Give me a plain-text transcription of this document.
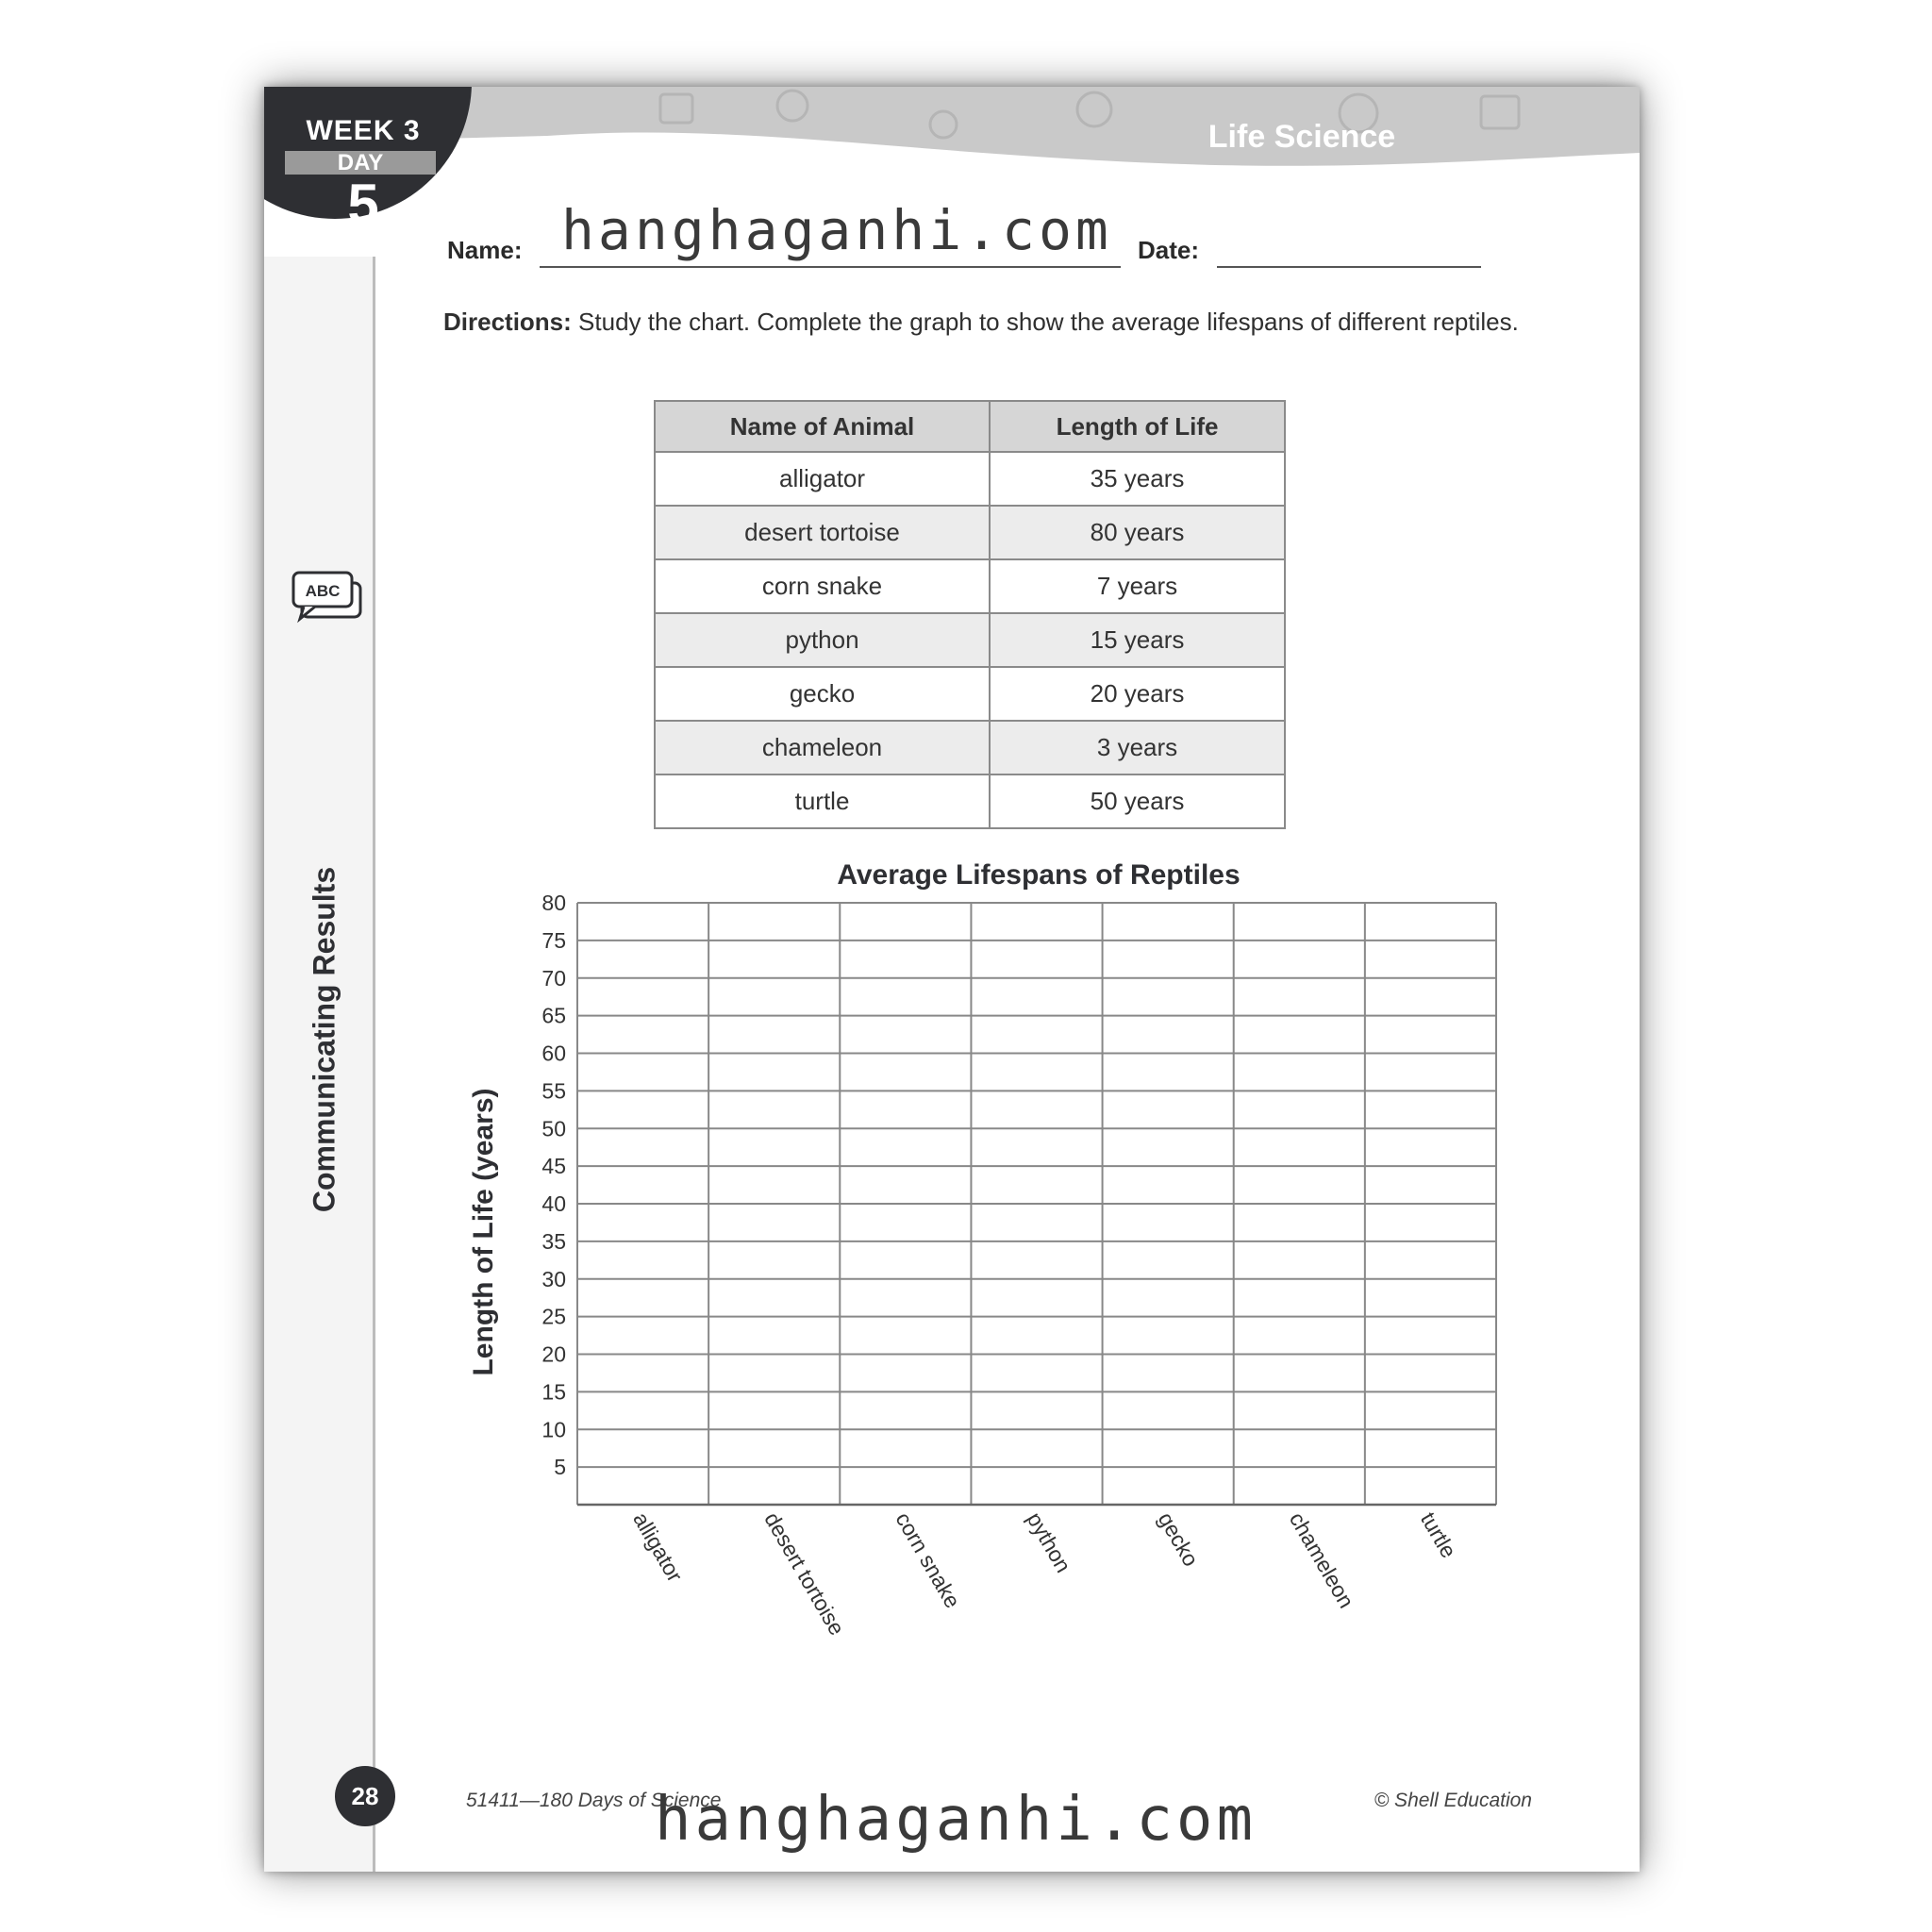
ABC
Communicating Results
WEEK 3
DAY
5
Life Science
28
Name: hanghaganhi.com Date:
Directions: Study the chart. Complete the graph to show the average lifespans of different reptiles.
Name of Animal	Length of Life
alligator	35 years
desert tortoise	80 years
corn snake	7 years
python	15 years
gecko	20 years
chameleon	3 years
turtle	50 years
Average Lifespans of Reptiles
Length of Life (years)
80
75
70
65
60
55
50
45
40
35
30
25
20
15
10
5
alligator	desert tortoise corn snake	python	gecko	chameleon	turtle
51411—180 Days of Science	© Shell Education
hanghaganhi.com
